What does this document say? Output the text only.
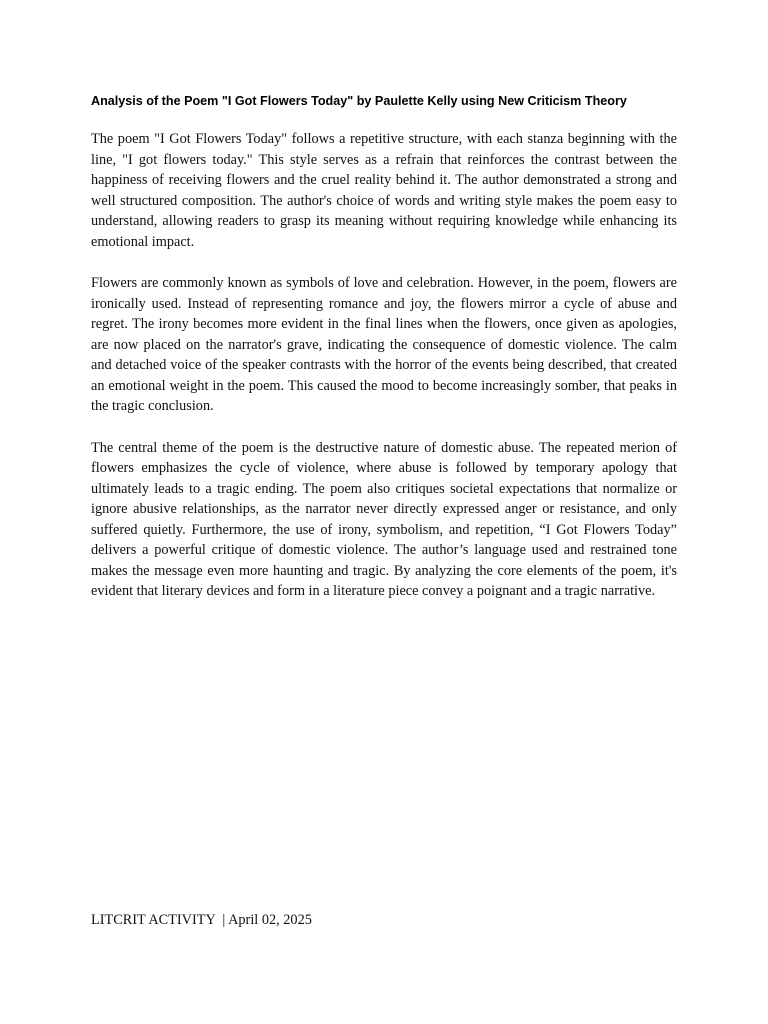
Analysis of the Poem "I Got Flowers Today" by Paulette Kelly using New Criticism Theory

The poem "I Got Flowers Today" follows a repetitive structure, with each stanza beginning with the line, "I got flowers today." This style serves as a refrain that reinforces the contrast between the happiness of receiving flowers and the cruel reality behind it. The author demonstrated a strong and well structured composition. The author's choice of words and writing style makes the poem easy to understand, allowing readers to grasp its meaning without requiring knowledge while enhancing its emotional impact.

Flowers are commonly known as symbols of love and celebration. However, in the poem, flowers are ironically used. Instead of representing romance and joy, the flowers mirror a cycle of abuse and regret. The irony becomes more evident in the final lines when the flowers, once given as apologies, are now placed on the narrator's grave, indicating the consequence of domestic violence. The calm and detached voice of the speaker contrasts with the horror of the events being described, that created an emotional weight in the poem. This caused the mood to become increasingly somber, that peaks in the tragic conclusion.

The central theme of the poem is the destructive nature of domestic abuse. The repeated merion of flowers emphasizes the cycle of violence, where abuse is followed by temporary apology that ultimately leads to a tragic ending. The poem also critiques societal expectations that normalize or ignore abusive relationships, as the narrator never directly expressed anger or resistance, and only suffered quietly. Furthermore, the use of irony, symbolism, and repetition, “I Got Flowers Today” delivers a powerful critique of domestic violence. The author’s language used and restrained tone makes the message even more haunting and tragic. By analyzing the core elements of the poem, it's evident that literary devices and form in a literature piece convey a poignant and a tragic narrative.

LITCRIT ACTIVITY  | April 02, 2025
